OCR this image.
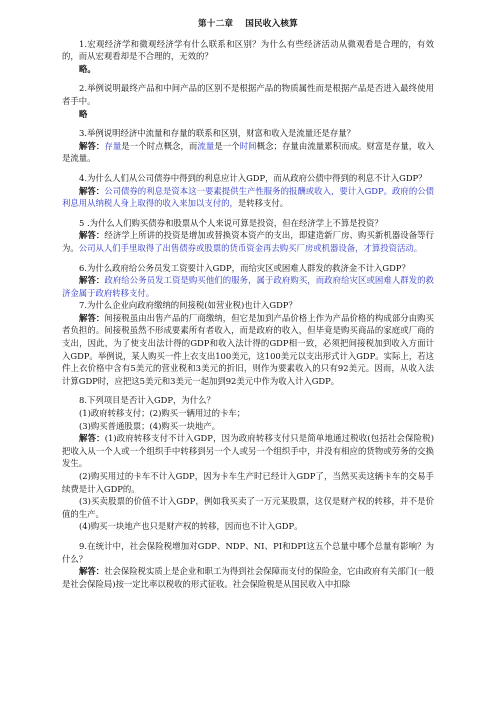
第十二章 国民收入核算
1.宏观经济学和微观经济学有什么联系和区别？为什么有些经济活动从微观看是合理的，有效的，而从宏观看却是不合理的，无效的？
略。
2.举例说明最终产品和中间产品的区别不是根据产品的物质属性而是根据产品是否进入最终使用者手中。
略
3.举例说明经济中流量和存量的联系和区别，财富和收入是流量还是存量？
解答：存量是一个时点概念，而流量是一个时间概念；存量由流量累积而成。财富是存量，收入是流量。
4.为什么人们从公司债券中得到的利息应计入GDP，而从政府公债中得到的利息不计入GDP？
解答：公司债券的利息是资本这一要素提供生产性服务的报酬或收入，要计入GDP。政府的公债利息用从纳税人身上取得的收入来加以支付的，是转移支付。
5 .为什么人们购买债券和股票从个人来说可算是投资，但在经济学上不算是投资？
解答：经济学上所讲的投资是增加或替换资本资产的支出，即建造新厂房、购买新机器设备等行为。公司从人们手里取得了出售债券或股票的货币资金再去购买厂房或机器设备，才算投资活动。
6.为什么政府给公务员发工资要计入GDP，而给灾区或困难人群发的救济金不计入GDP？
解答：政府给公务员发工资是购买他们的服务，属于政府购买，而政府给灾区或困难人群发的救济金属于政府转移支付。
7.为什么企业向政府缴纳的间接税(如营业税)也计入GDP？
解答：间接税虽由出售产品的厂商缴纳，但它是加到产品价格上作为产品价格的构成部分由购买者负担的。间接税虽然不形成要素所有者收入，而是政府的收入，但毕竟是购买商品的家庭或厂商的支出，因此，为了使支出法计得的GDP和收入法计得的GDP相一致，必须把间接税加到收入方面计入GDP。举例说，某人购买一件上衣支出100美元，这100美元以支出形式计入GDP。实际上，若这件上衣价格中含有5美元的营业税和3美元的折旧，则作为要素收入的只有92美元。因而，从收入法计算GDP时，应把这5美元和3美元一起加到92美元中作为收入计入GDP。
8.下列项目是否计入GDP，为什么？
(1)政府转移支付；(2)购买一辆用过的卡车；
(3)购买普通股票；(4)购买一块地产。
解答：(1)政府转移支付不计入GDP，因为政府转移支付只是简单地通过税收(包括社会保险税)把收入从一个人或一个组织手中转移到另一个人或另一个组织手中，并没有相应的货物或劳务的交换发生。
(2)购买用过的卡车不计入GDP，因为卡车生产时已经计入GDP了，当然买卖这辆卡车的交易手续费是计入GDP的。
(3)买卖股票的价值不计入GDP，例如我买卖了一万元某股票，这仅是财产权的转移，并不是价值的生产。
(4)购买一块地产也只是财产权的转移，因而也不计入GDP。
9.在统计中，社会保险税增加对GDP、NDP、NI、PI和DPI这五个总量中哪个总量有影响？为什么？
解答：社会保险税实质上是企业和职工为得到社会保障而支付的保险金，它由政府有关部门(一般是社会保险局)按一定比率以税收的形式征收。社会保险税是从国民收入中扣除
